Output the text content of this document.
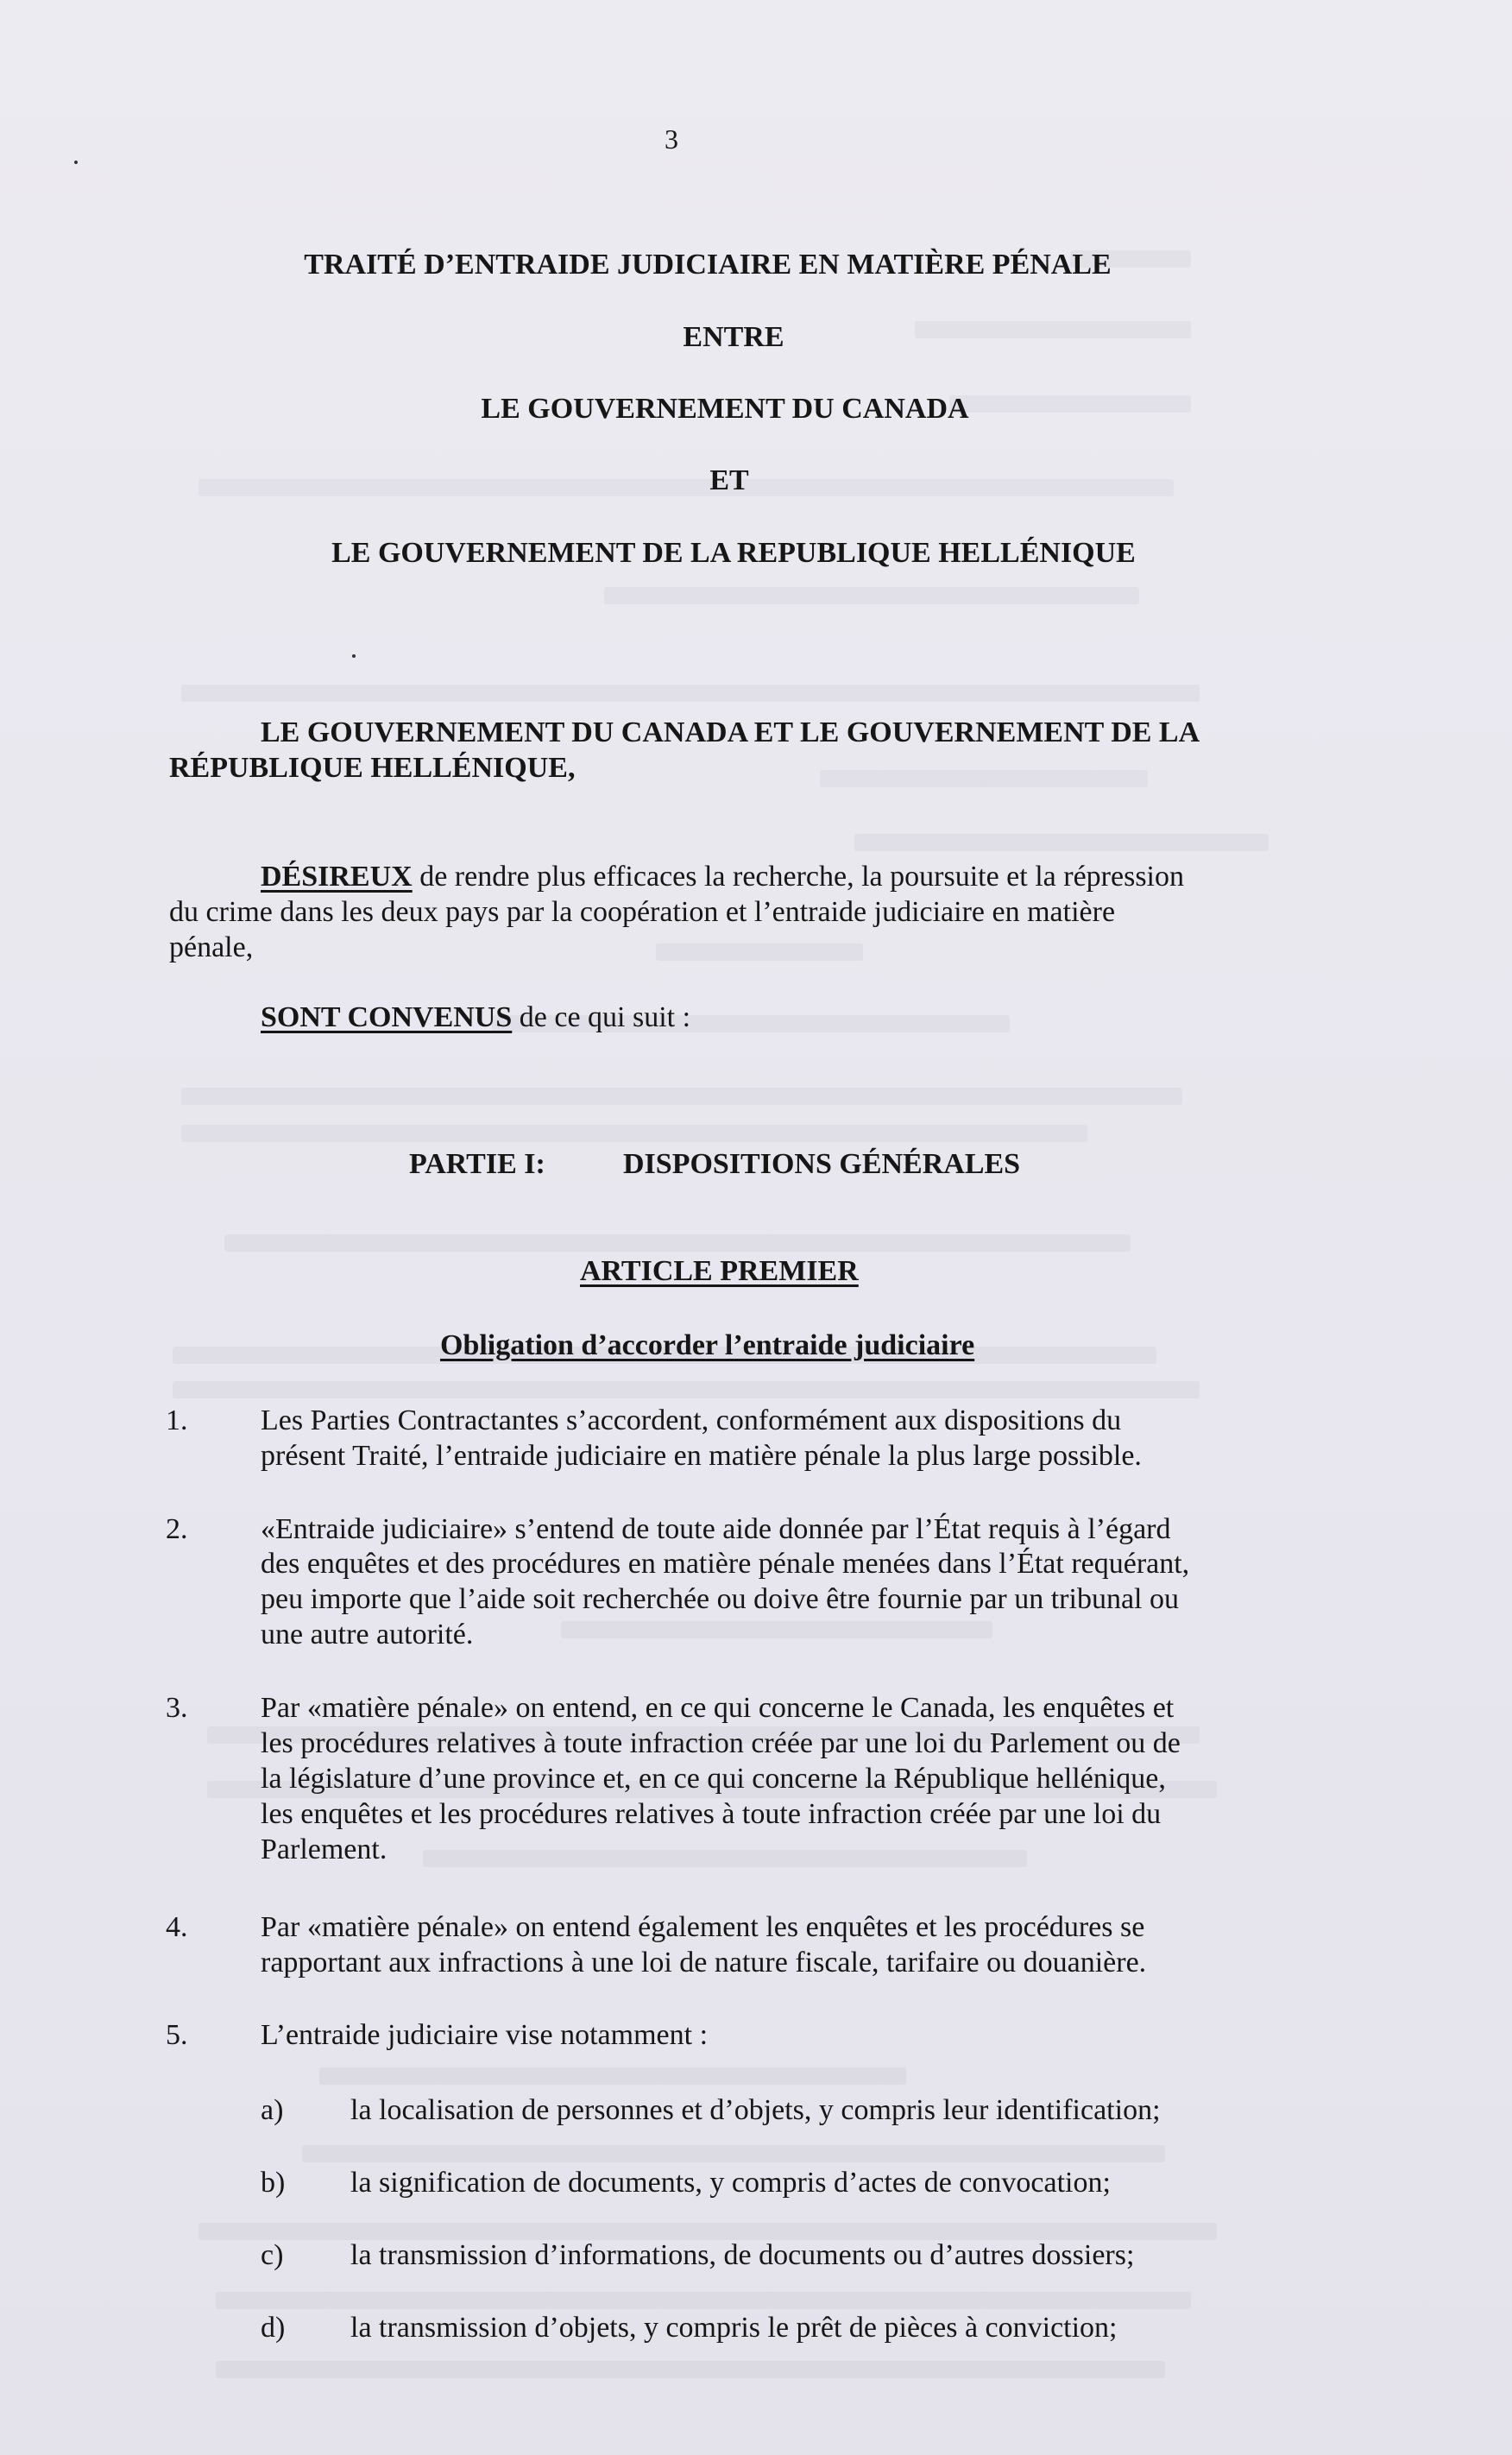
3
TRAITÉ D’ENTRAIDE JUDICIAIRE EN MATIÈRE PÉNALE
ENTRE
LE GOUVERNEMENT DU CANADA
ET
LE GOUVERNEMENT DE LA REPUBLIQUE HELLÉNIQUE
LE GOUVERNEMENT DU CANADA ET LE GOUVERNEMENT DE LA
RÉPUBLIQUE HELLÉNIQUE,
DÉSIREUX de rendre plus efficaces la recherche, la poursuite et la répression
du crime dans les deux pays par la coopération et l’entraide judiciaire en matière
pénale,
SONT CONVENUS de ce qui suit :
PARTIE I:	DISPOSITIONS GÉNÉRALES
ARTICLE PREMIER
Obligation d’accorder l’entraide judiciaire
1. Les Parties Contractantes s’accordent, conformément aux dispositions du
présent Traité, l’entraide judiciaire en matière pénale la plus large possible.
2. «Entraide judiciaire» s’entend de toute aide donnée par l’État requis à l’égard
des enquêtes et des procédures en matière pénale menées dans l’État requérant,
peu importe que l’aide soit recherchée ou doive être fournie par un tribunal ou
une autre autorité.
3. Par «matière pénale» on entend, en ce qui concerne le Canada, les enquêtes et
les procédures relatives à toute infraction créée par une loi du Parlement ou de
la législature d’une province et, en ce qui concerne la République hellénique,
les enquêtes et les procédures relatives à toute infraction créée par une loi du
Parlement.
4. Par «matière pénale» on entend également les enquêtes et les procédures se
rapportant aux infractions à une loi de nature fiscale, tarifaire ou douanière.
5. L’entraide judiciaire vise notamment :
a) la localisation de personnes et d’objets, y compris leur identification;
b) la signification de documents, y compris d’actes de convocation;
c) la transmission d’informations, de documents ou d’autres dossiers;
d) la transmission d’objets, y compris le prêt de pièces à conviction;
